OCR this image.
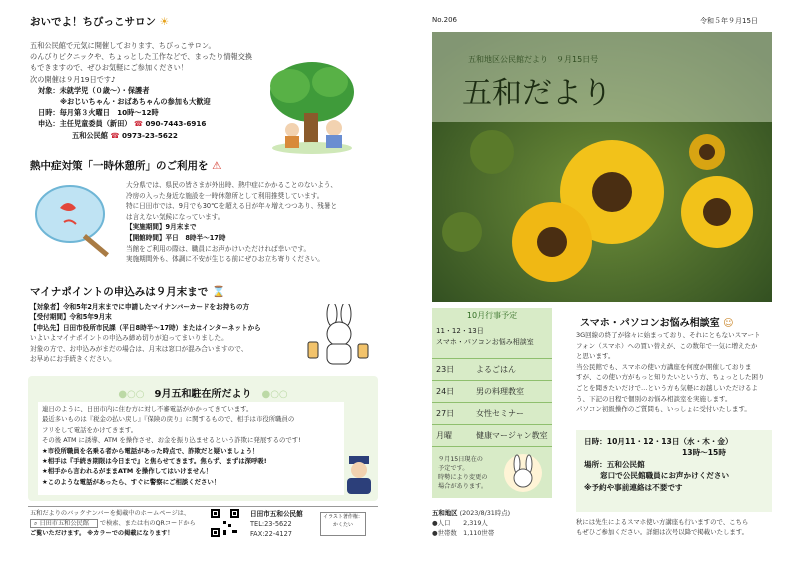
おいでよ！ちびっこサロン ☀
五和公民館で元気に開催しております、ちびっこサロン。
のんびりピクニックや、ちょっとした工作などで、まったり情報交換
もできますので、ぜひお気軽にご参加ください！
次の開催は９月19日です♪
対象：未就学児（０歳～）・保護者
※おじいちゃん・おばあちゃんの参加も大歓迎
日時：毎月第３火曜日　10時～12時
申込：主任児童委員（新田） ☎ 090-7443-6916
五和公民館 ☎ 0973-23-5622
熱中症対策「一時休憩所」のご利用を ⚠
大分県では、県民の皆さまが外出時、熱中症にかかることのないよう、
冷房の入った身近な施設を一時休憩所として利用推奨しています。
特に日田市では、9月でも30℃を超える日が年々増えつつあり、残暑と
は言えない気候になっています。
【実施期間】9月末まで
【開館時間】平日　8時半～17時
当館をご利用の際は、職員にお声かけいただければ幸いです。
実施期間外も、体調に不安が生じる前にぜひお立ち寄りください。
マイナポイントの申込みは９月末まで ⌛
【対象者】令和5年2月末までに申請したマイナンバーカードをお持ちの方
【受付期間】令和5年9月末
【申込先】日田市役所市民課（平日8時半～17時）またはインターネットから
いよいよマイナポイントの申込み締め切りが迫ってまいりました。
対象の方で、お申込みがまだの場合は、月末は窓口が混み合いますので、
お早めにお手続きください。
●○○　9月五和駐在所だより　●○○
連日のように、日田市内に住む方に対し不審電話がかかってきています。
最近多いものは『税金の払い戻し』『保険の戻り』に関するもので、相手は市役所職員の
フリをして電話をかけてきます。
その後 ATM に誘導、ATM を操作させ、お金を振り込ませるという詐欺に発展するのです!
★市役所職員を名乗る者から電話があった時点で、詐欺だと疑いましょう！
★相手は『手続き期限は今日まで』と焦らせてきます。焦らず、まずは深呼吸!
★相手から言われるがままATM を操作してはいけません！
★このような電話があったら、すぐに警察にご相談ください！
五和だよりのバックナンバーを掲載中のホームページは、
⌕ 日田市五和公民館 で検索、または右のQRコードから
ご覧いただけます。 ※カラーでの掲載になります！
日田市五和公民館
TEL:23-5622
FAX:22-4127
イラスト著作権：
かくたい
No.206	令和５年９月15日
五和地区公民館だより　９月15日号
五和だより
10月行事予定
11・12・13日
スマホ・パソコンお悩み相談室
23日	よるごはん
24日	男の料理教室
27日	女性セミナー
月曜	健康マージャン教室
９月15日現在の
予定です。
時勢により変更の
場合があります。
五和地区 (2023/8/31時点)
●人口　　2,319人
●世帯数　1,110世帯
スマホ・パソコンお悩み相談室 ☺
3G回線の終了が徐々に始まっており、それにともないスマート
フォン（スマホ）への買い替えが、この数年で一気に増えたか
と思います。
当公民館でも、スマホの使い方講座を何度か開催しておりま
すが、この使い方がもっと知りたいという方、ちょっとした困り
ごとを聞きたいだけで…という方も気軽にお越しいただけるよ
う、下記の日程で個別のお悩み相談室を実施します。
パソコン初級操作のご質問も、いっしょに受付いたします。
日時：10月11・12・13日（水・木・金）
13時～15時
場所：五和公民館
窓口で公民館職員にお声かけください
※予約や事前連絡は不要です
秋には先生によるスマホ使い方講座も行いますので、こちら
もぜひご参加ください。詳細は次号以降で掲載いたします。
